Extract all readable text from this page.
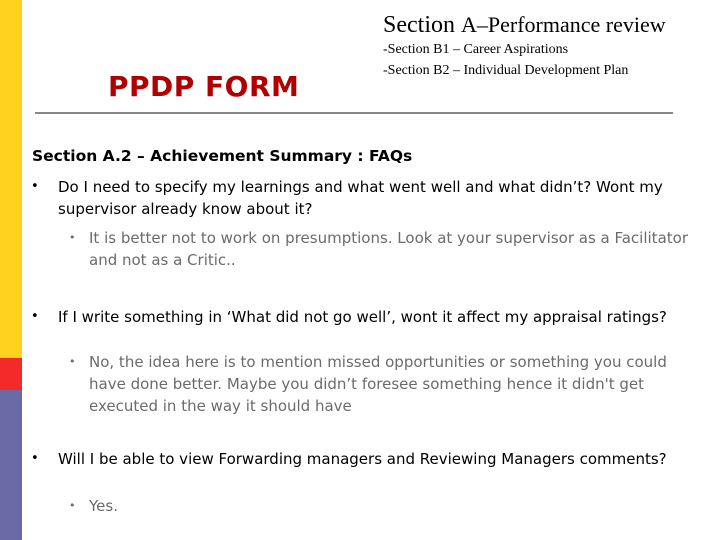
PPDP FORM

Section A–Performance review

-Section B1 – Career Aspirations

-Section B2 – Individual Development Plan

Section A.2 – Achievement Summary : FAQs
• Do I need to specify my learnings and what went well and what didn’t? Wont my supervisor already know about it?

• It is better not to work on presumptions. Look at your supervisor as a Facilitator and not as a Critic..

• If I write something in ‘What did not go well’, wont it affect my appraisal ratings?

• No, the idea here is to mention missed opportunities or something you could have done better. Maybe you didn’t foresee something hence it didn't get executed in the way it should have

• Will I be able to view Forwarding managers and Reviewing Managers comments?

• Yes.
